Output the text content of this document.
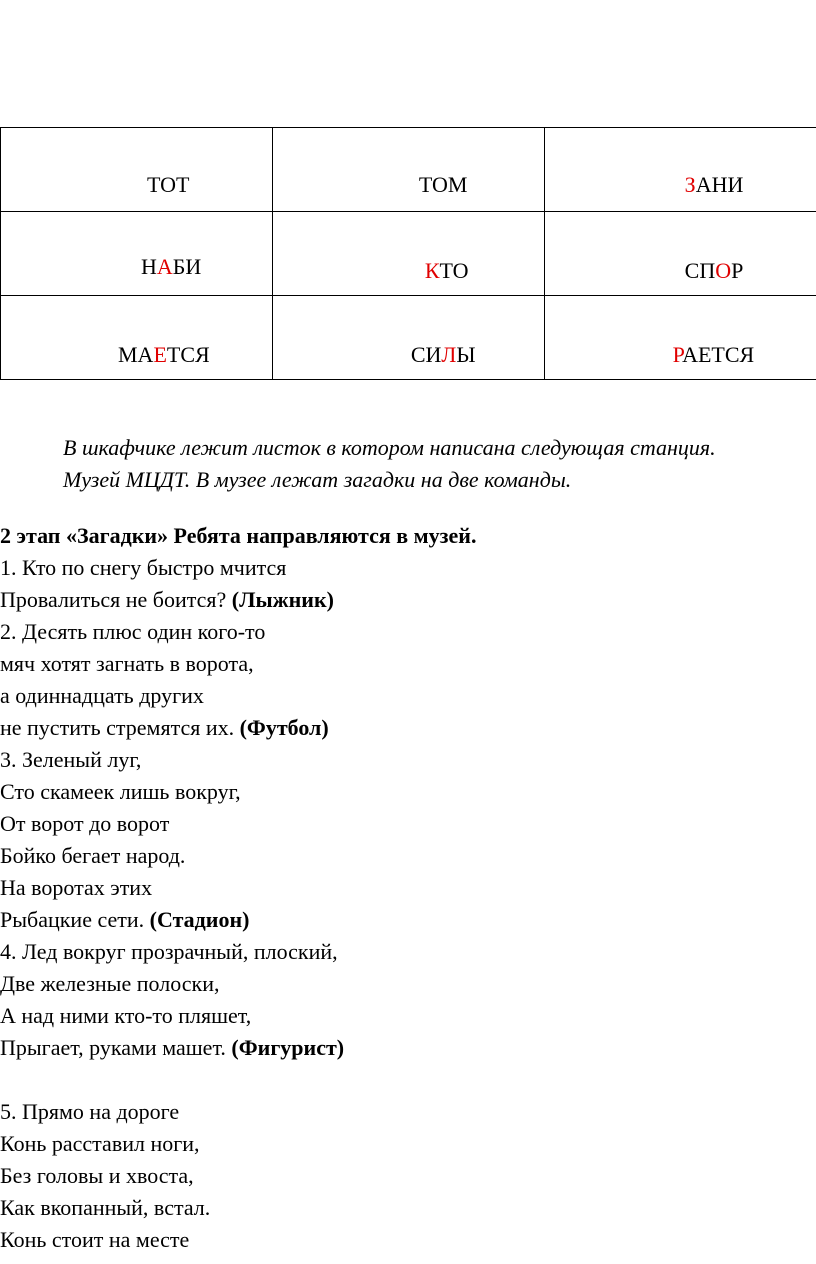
ТОТ	ТОМ	ЗАНИ

НАБИ	КТО	СПОР

МАЕТСЯ	СИЛЫ	РАЕТСЯ
В шкафчике лежит листок в котором написана следующая станция.
Музей МЦДТ. В музее лежат загадки на две команды.
2 этап «Загадки» Ребята направляются в музей.
1. Кто по снегу быстро мчится
Провалиться не боится? (Лыжник)
2. Десять плюс один кого-то
мяч хотят загнать в ворота,
а одиннадцать других
не пустить стремятся их. (Футбол)
3. Зеленый луг,
Сто скамеек лишь вокруг,
От ворот до ворот
Бойко бегает народ.
На воротах этих
Рыбацкие сети. (Стадион)
4. Лед вокруг прозрачный, плоский,
Две железные полоски,
А над ними кто-то пляшет,
Прыгает, руками машет. (Фигурист)
5. Прямо на дороге
Конь расставил ноги,
Без головы и хвоста,
Как вкопанный, встал.
Конь стоит на месте
